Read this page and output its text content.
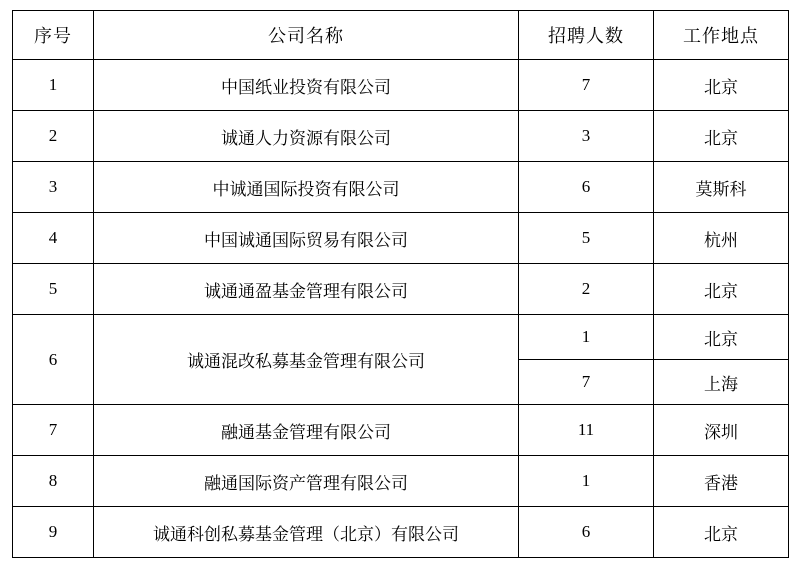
序号	公司名称	招聘人数	工作地点
1	中国纸业投资有限公司	7	北京
2	诚通人力资源有限公司	3	北京
3	中诚通国际投资有限公司	6	莫斯科
4	中国诚通国际贸易有限公司	5	杭州
5	诚通通盈基金管理有限公司	2	北京
6	诚通混改私募基金管理有限公司	1	北京
		7	上海
7	融通基金管理有限公司	11	深圳
8	融通国际资产管理有限公司	1	香港
9	诚通科创私募基金管理（北京）有限公司	6	北京
